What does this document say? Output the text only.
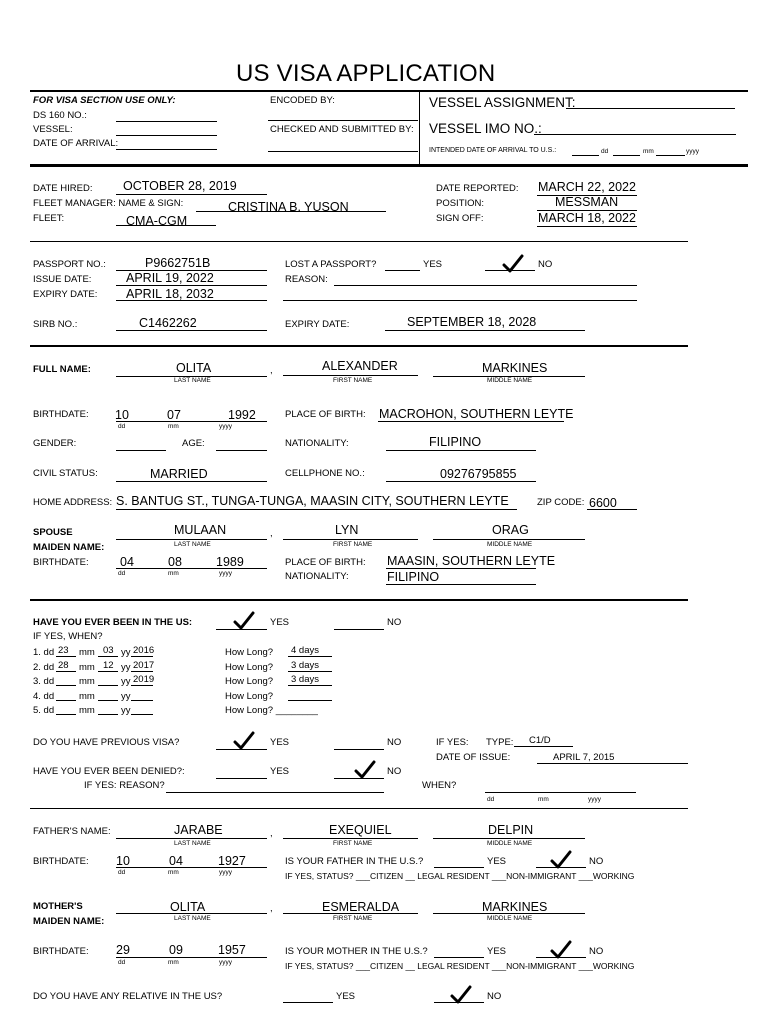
US VISA APPLICATION
FOR VISA SECTION USE ONLY:
DS 160 NO.:
VESSEL:
DATE OF ARRIVAL:
ENCODED BY:
CHECKED AND SUBMITTED BY:
VESSEL ASSIGNMENT:
VESSEL IMO NO.:
INTENDED DATE OF ARRIVAL TO U.S.:	dd	mm	yyyy
DATE HIRED: OCTOBER 28, 2019
FLEET MANAGER: NAME & SIGN:	CRISTINA B. YUSON
FLEET:	CMA-CGM
DATE REPORTED: MARCH 22, 2022
POSITION:	MESSMAN
SIGN OFF:	MARCH 18, 2022
PASSPORT NO.:	P9662751B
ISSUE DATE:	APRIL 19, 2022
EXPIRY DATE: APRIL 18, 2032
LOST A PASSPORT?	YES	NO
REASON:
SIRB NO.:	C1462262	EXPIRY DATE:	SEPTEMBER 18, 2028
FULL NAME:	OLITA
LAST NAME
,	ALEXANDER
FIRST NAME
MARKINES
MIDDLE NAME
BIRTHDATE: 10	07	1992
dd	mm	yyyy
PLACE OF BIRTH: MACROHON, SOUTHERN LEYTE
GENDER:	AGE:	NATIONALITY:	FILIPINO
CIVIL STATUS:	MARRIED	CELLPHONE NO.:	09276795855
HOME ADDRESS: S. BANTUG ST., TUNGA-TUNGA, MAASIN CITY, SOUTHERN LEYTE	ZIP CODE: 6600
SPOUSE
MAIDEN NAME:
MULAAN
LAST NAME
,	LYN
FIRST NAME
ORAG
MIDDLE NAME
BIRTHDATE:	04	08	1989
dd	mm	yyyy
PLACE OF BIRTH: MAASIN, SOUTHERN LEYTE
NATIONALITY:	FILIPINO
HAVE YOU EVER BEEN IN THE US:	YES	NO
IF YES, WHEN?
1. dd 23 mm 03 yy 2016	How Long? 4 days
2. dd 28 mm 12 yy 2017	How Long? 3 days
3. dd	mm	yy 2019	How Long? 3 days
4. dd	mm	yy	How Long?
5. dd	mm	yy	How Long? ________
DO YOU HAVE PREVIOUS VISA?	YES	NO	IF YES: TYPE: C1/D
DATE OF ISSUE:	APRIL 7, 2015
HAVE YOU EVER BEEN DENIED?:	YES	NO
IF YES: REASON?	WHEN?
dd	mm	yyyy
FATHER'S NAME:	JARABE
LAST NAME
,	EXEQUIEL
FIRST NAME
DELPIN
MIDDLE NAME
BIRTHDATE: 10	04	1927
dd	mm	yyyy
IS YOUR FATHER IN THE U.S.?	YES	NO
IF YES, STATUS? ___CITIZEN __ LEGAL RESIDENT ___NON-IMMIGRANT ___WORKING
MOTHER'S
MAIDEN NAME:
OLITA
LAST NAME
,	ESMERALDA
FIRST NAME
MARKINES
MIDDLE NAME
BIRTHDATE: 29	09	1957
dd	mm	yyyy
IS YOUR MOTHER IN THE U.S.?	YES	NO
IF YES, STATUS? ___CITIZEN __ LEGAL RESIDENT ___NON-IMMIGRANT ___WORKING
DO YOU HAVE ANY RELATIVE IN THE US?	YES	NO
